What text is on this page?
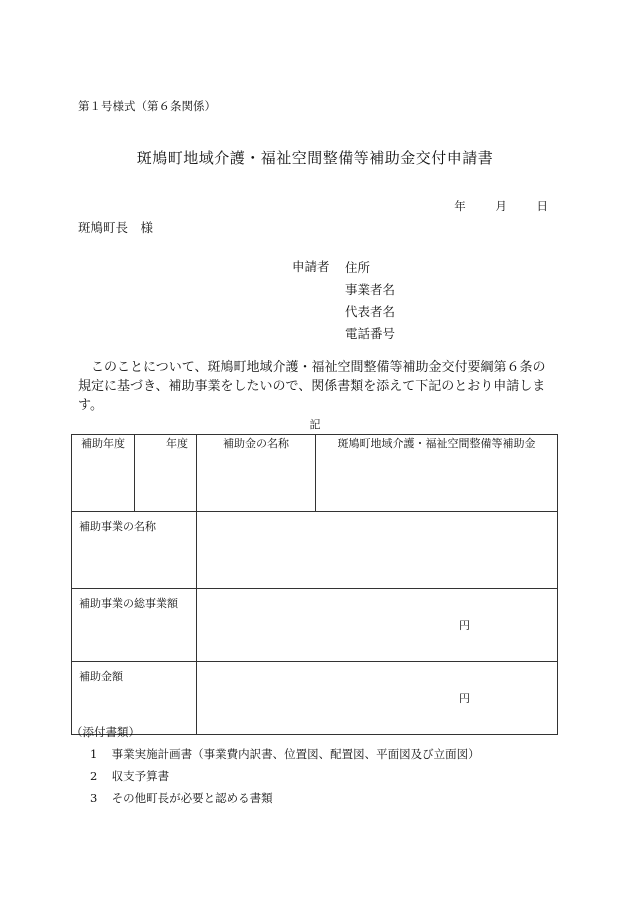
第１号様式（第６条関係）
斑鳩町地域介護・福祉空間整備等補助金交付申請書
年	月	日
斑鳩町長　様
申請者 住所
事業者名
代表者名
電話番号
　このことについて、斑鳩町地域介護・福祉空間整備等補助金交付要綱第６条の規定に基づき、補助事業をしたいので、関係書類を添えて下記のとおり申請します。
記
補助年度	年度	補助金の名称	斑鳩町地域介護・福祉空間整備等補助金
補助事業の名称			
補助事業の総事業額		円	

補助金額		円	
（添付書類）
1 事業実施計画書（事業費内訳書、位置図、配置図、平面図及び立面図）
2 収支予算書
3 その他町長が必要と認める書類
